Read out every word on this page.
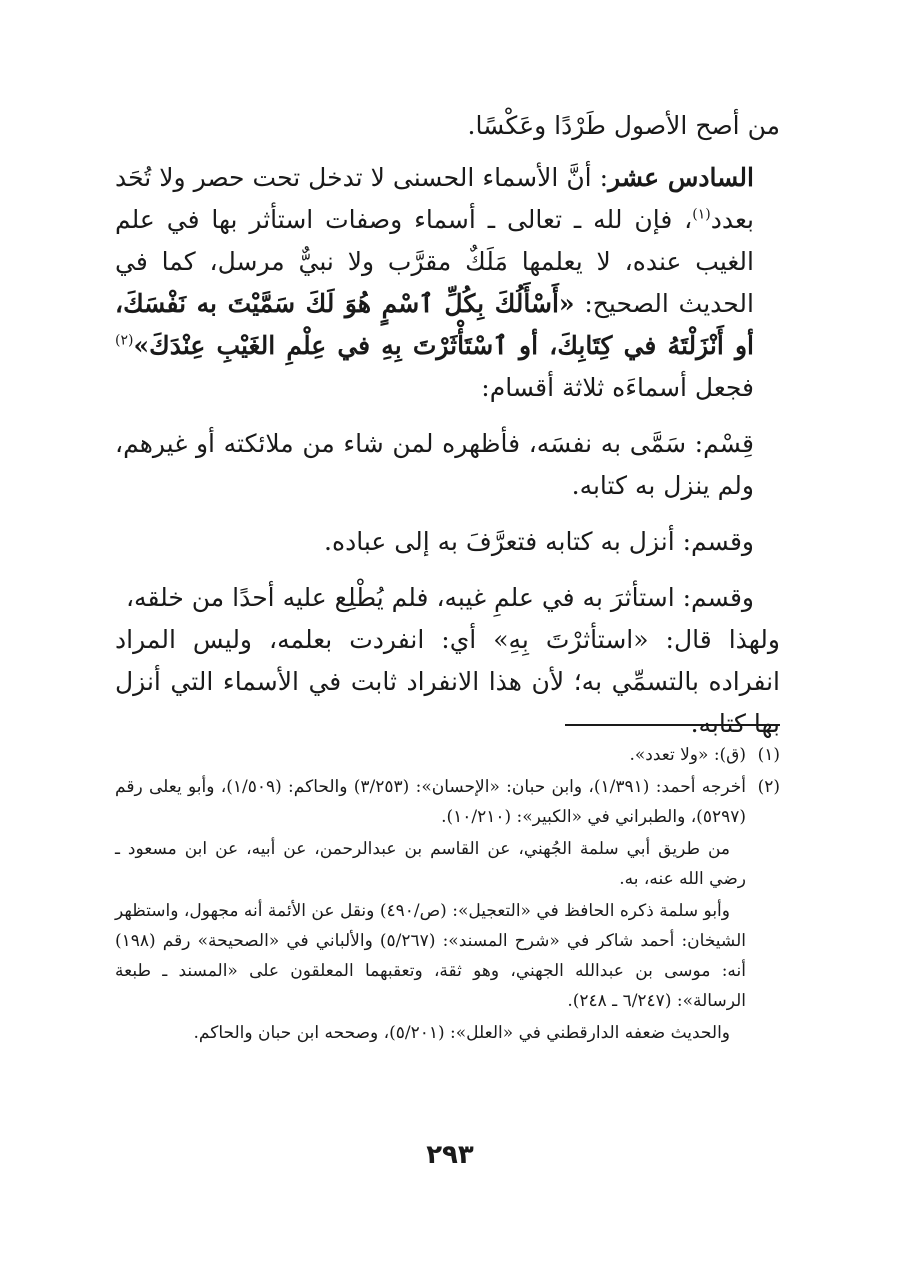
من أصح الأصول طَرْدًا وعَكْسًا.

السادس عشر: أنَّ الأسماء الحسنى لا تدخل تحت حصر ولا تُحَد بعدد$^{(١)}$، فإن لله ـ تعالى ـ أسماء وصفات استأثر بها في علم الغيب عنده، لا يعلمها مَلَكٌ مقرَّب ولا نبيٌّ مرسل، كما في الحديث الصحيح: «أَسْأَلُكَ بِكُلِّ ٱسْمٍ هُوَ لَكَ سَمَّيْتَ به نَفْسَكَ، أو أَنْزَلْتَهُ في كِتَابِكَ، أو ٱسْتَأْثَرْتَ بِهِ في عِلْمِ الغَيْبِ عِنْدَكَ»$^{(٢)}$ فجعل أسماءَه ثلاثة أقسام:

قِسْم: سَمَّى به نفسَه، فأظهره لمن شاء من ملائكته أو غيرهم، ولم ينزل به كتابه.

وقسم: أنزل به كتابه فتعرَّفَ به إلى عباده.

وقسم: استأثرَ به في علمِ غيبه، فلم يُطْلِع عليه أحدًا من خلقه،

ولهذا قال: «استأثرْتَ بِهِ» أي: انفردت بعلمه، وليس المراد انفراده بالتسمِّي به؛ لأن هذا الانفراد ثابت في الأسماء التي أنزل بها كتابه.

(١)
(ق): «ولا تعدد».
(٢)
أخرجه أحمد: (١/٣٩١)، وابن حبان: «الإحسان»: (٣/٢٥٣) والحاكم: (١/٥٠٩)، وأبو يعلى رقم (٥٢٩٧)، والطبراني في «الكبير»: (١٠/٢١٠).
من طريق أبي سلمة الجُهني، عن القاسم بن عبدالرحمن، عن أبيه، عن ابن مسعود ـ رضي الله عنه، به.
وأبو سلمة ذكره الحافظ في «التعجيل»: (ص/٤٩٠) ونقل عن الأئمة أنه مجهول، واستظهر الشيخان: أحمد شاكر في «شرح المسند»: (٥/٢٦٧) والألباني في «الصحيحة» رقم (١٩٨) أنه: موسى بن عبدالله الجهني، وهو ثقة، وتعقبهما المعلقون على «المسند ـ طبعة الرسالة»: (٦/٢٤٧ ـ ٢٤٨).
والحديث ضعفه الدارقطني في «العلل»: (٥/٢٠١)، وصححه ابن حبان والحاكم.
٢٩٣
